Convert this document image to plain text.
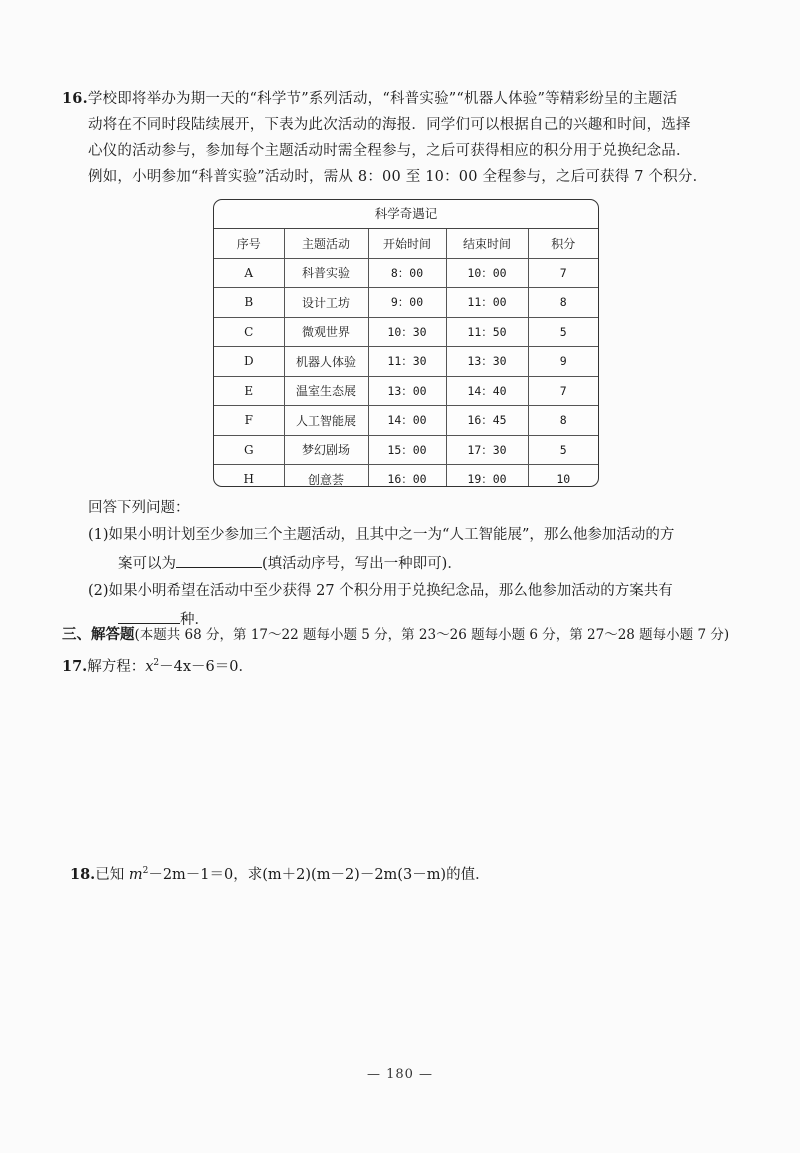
16.学校即将举办为期一天的“科学节”系列活动，“科普实验”“机器人体验”等精彩纷呈的主题活
动将在不同时段陆续展开，下表为此次活动的海报．同学们可以根据自己的兴趣和时间，选择
心仪的活动参与，参加每个主题活动时需全程参与，之后可获得相应的积分用于兑换纪念品．
例如，小明参加“科普实验”活动时，需从 8：00 至 10：00 全程参与，之后可获得 7 个积分．
科学奇遇记
序号	主题活动	开始时间	结束时间	积分
A	科普实验	8：00	10：00	7
B	设计工坊	9：00	11：00	8
C	微观世界	10：30	11：50	5
D	机器人体验	11：30	13：30	9
E	温室生态展	13：00	14：40	7
F	人工智能展	14：00	16：45	8
G	梦幻剧场	15：00	17：30	5
H	创意荟	16：00	19：00	10
回答下列问题：
(1)如果小明计划至少参加三个主题活动，且其中之一为“人工智能展”，那么他参加活动的方
案可以为	(填活动序号，写出一种即可)．
(2)如果小明希望在活动中至少获得 27 个积分用于兑换纪念品，那么他参加活动的方案共有
种．
三、解答题(本题共 68 分，第 17～22 题每小题 5 分，第 23～26 题每小题 6 分，第 27～28 题每小题 7 分)
17.解方程：$x^2-4x-6=0$．
18.已知 $m^2-2m-1=0$，求(m＋2)(m－2)－2m(3－m)的值．
— 180 —
